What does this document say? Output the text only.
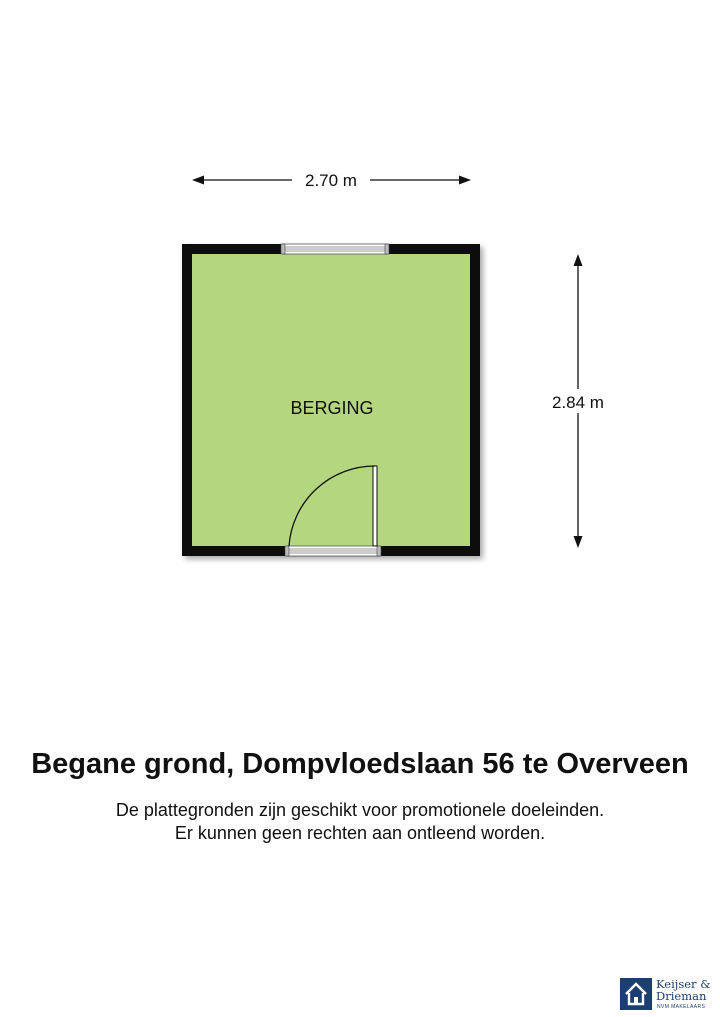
2.70 m
2.84 m
BERGING
Begane grond, Dompvloedslaan 56 te Overveen
De plattegronden zijn geschikt voor promotionele doeleinden.
Er kunnen geen rechten aan ontleend worden.
Keijser &
Drieman
NVM MAKELAARS
